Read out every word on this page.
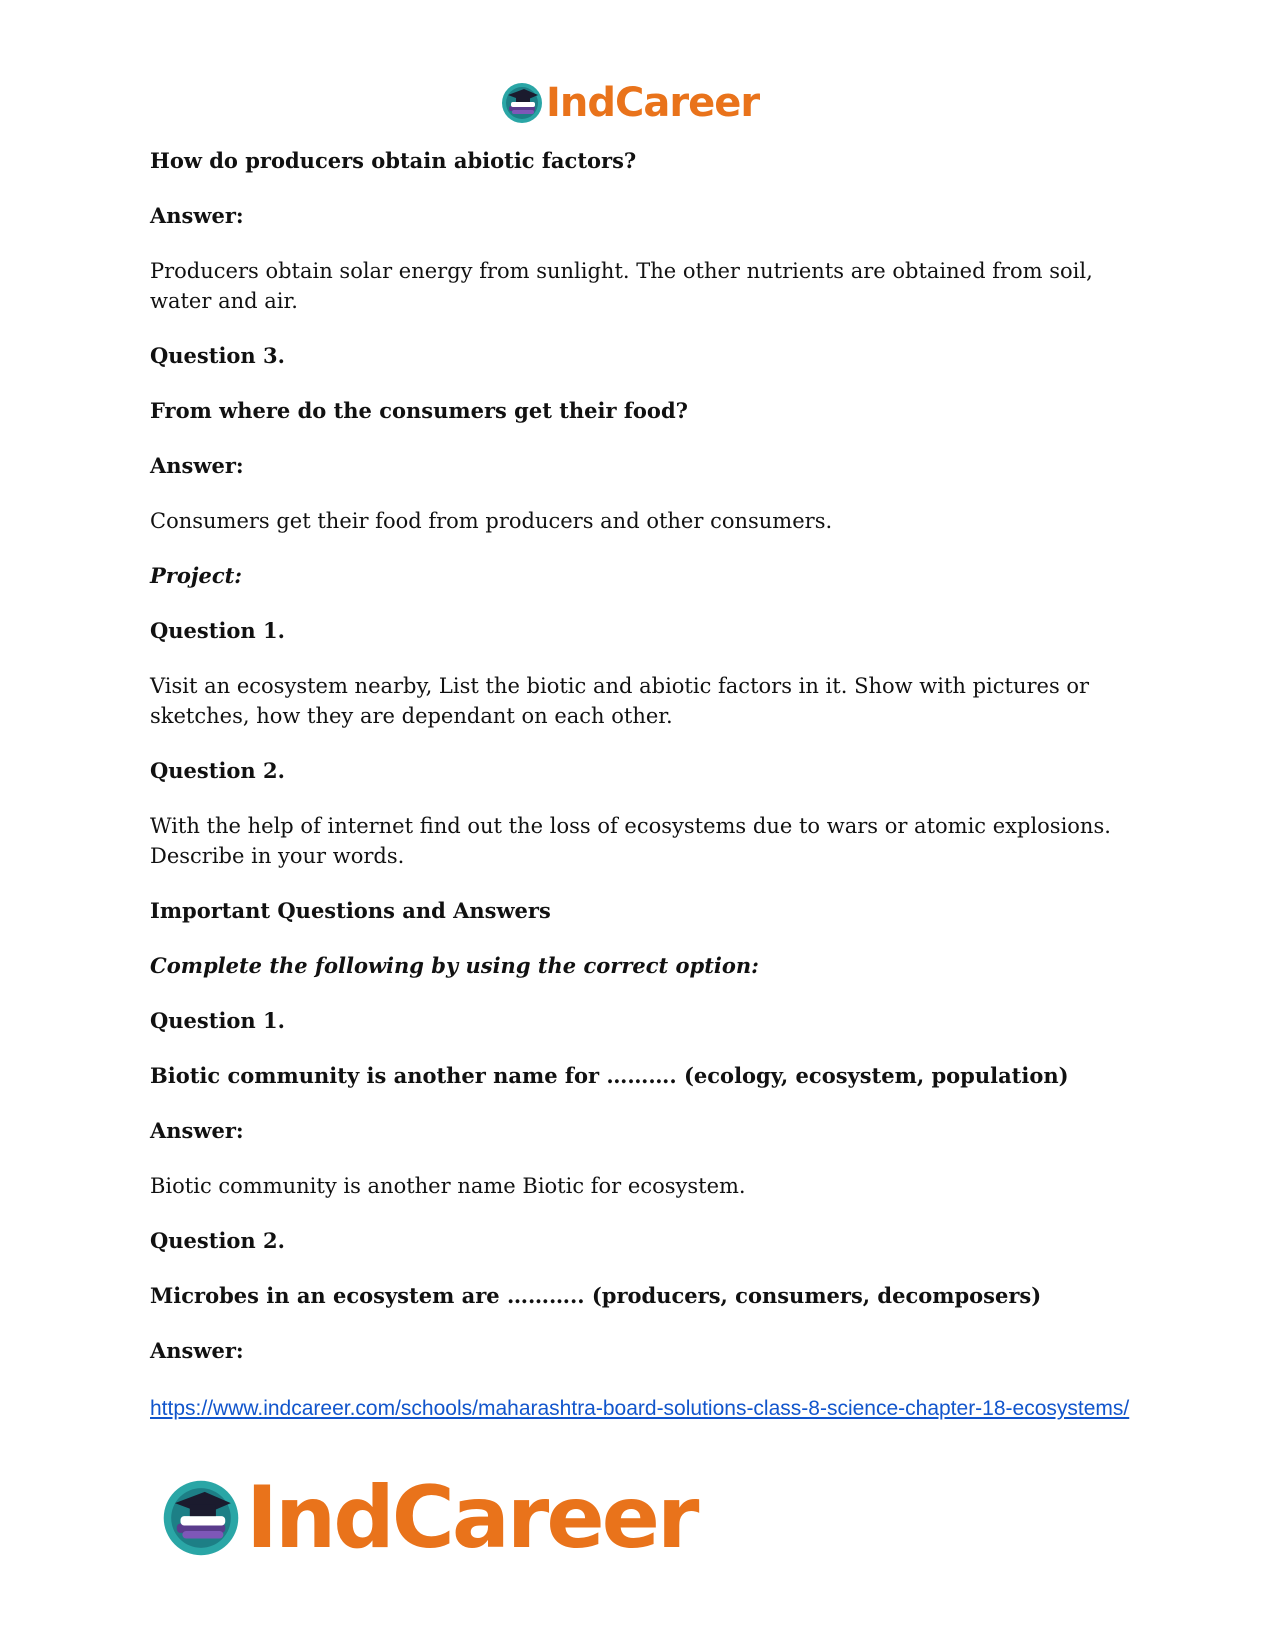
IndCareer

How do producers obtain abiotic factors?

Answer:

Producers obtain solar energy from sunlight. The other nutrients are obtained from soil, water and air.

Question 3.

From where do the consumers get their food?

Answer:

Consumers get their food from producers and other consumers.

Project:

Question 1.

Visit an ecosystem nearby, List the biotic and abiotic factors in it. Show with pictures or sketches, how they are dependant on each other.

Question 2.

With the help of internet find out the loss of ecosystems due to wars or atomic explosions. Describe in your words.

Important Questions and Answers

Complete the following by using the correct option:

Question 1.

Biotic community is another name for ………. (ecology, ecosystem, population)

Answer:

Biotic community is another name Biotic for ecosystem.

Question 2.

Microbes in an ecosystem are ……….. (producers, consumers, decomposers)

Answer:

https://www.indcareer.com/schools/maharashtra-board-solutions-class-8-science-chapter-18-ecosystems/

IndCareer
